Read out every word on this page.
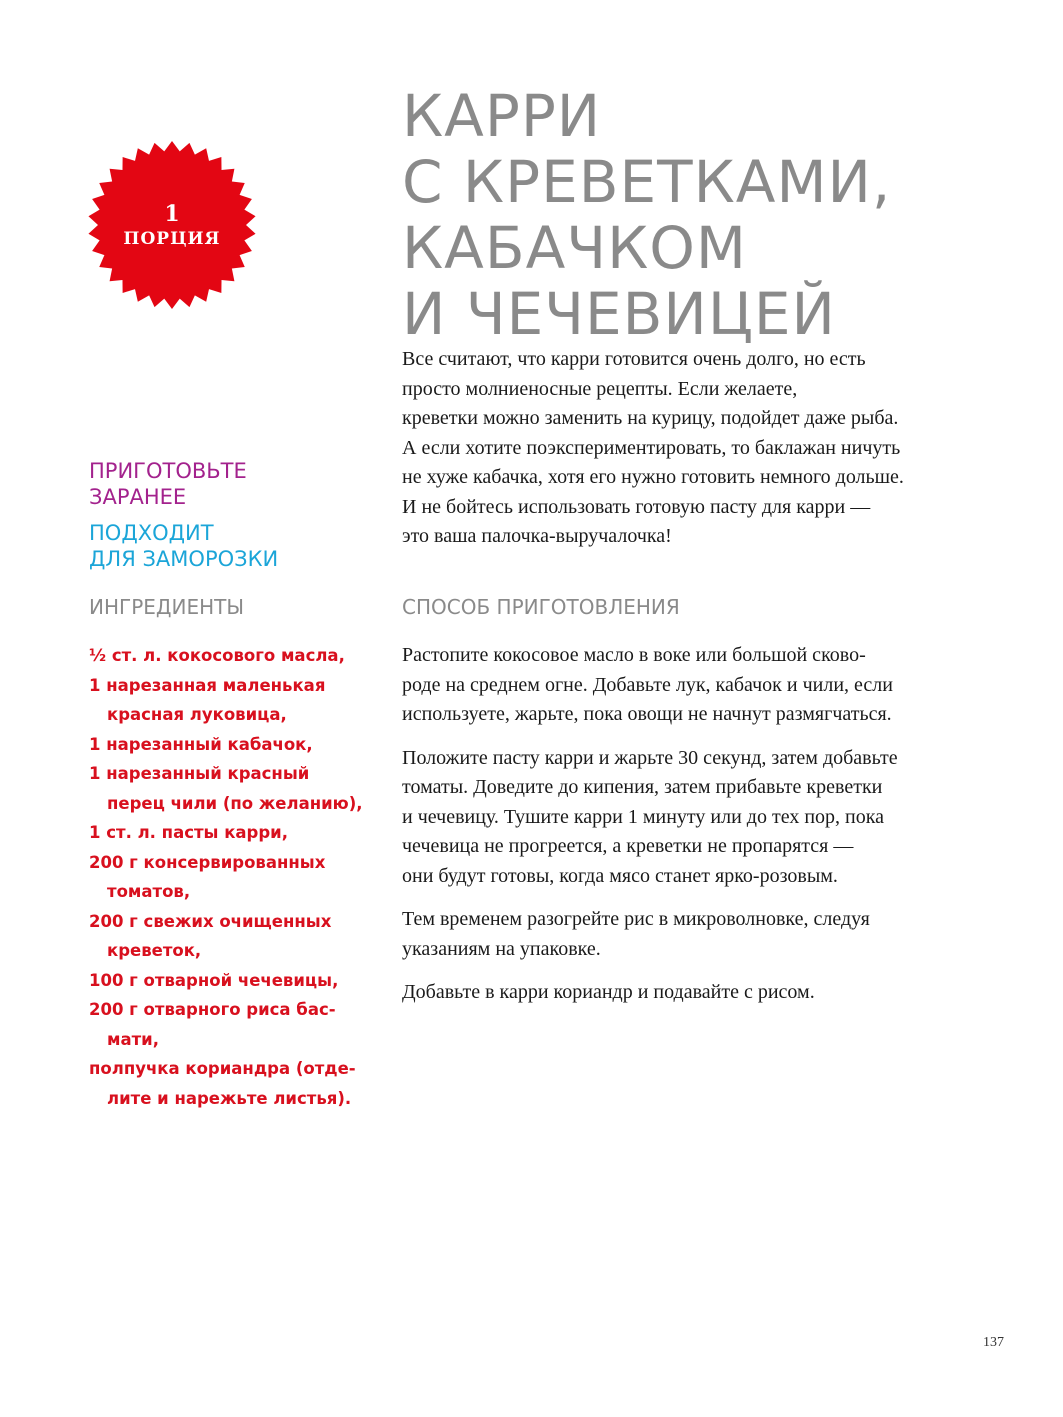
1
ПОРЦИЯ
КАРРИ
С КРЕВЕТКАМИ,
КАБАЧКОМ
И ЧЕЧЕВИЦЕЙ

Все считают, что карри готовится очень долго, но есть
просто молниеносные рецепты. Если желаете,
креветки можно заменить на курицу, подойдет даже рыба.
А если хотите поэкспериментировать, то баклажан ничуть
не хуже кабачка, хотя его нужно готовить немного дольше.
И не бойтесь использовать готовую пасту для карри —
это ваша палочка-выручалочка!

ПРИГОТОВЬТЕ
ЗАРАНЕЕ
ПОДХОДИТ
ДЛЯ ЗАМОРОЗКИ
ИНГРЕДИЕНТЫ	СПОСОБ ПРИГОТОВЛЕНИЯ
½ ст. л. кокосового масла,
1 нарезанная маленькая
красная луковица,
1 нарезанный кабачок,
1 нарезанный красный
перец чили (по желанию),
1 ст. л. пасты карри,
200 г консервированных
томатов,
200 г свежих очищенных
креветок,
100 г отварной чечевицы,
200 г отварного риса бас-
мати,
полпучка кориандра (отде-
лите и нарежьте листья).

Растопите кокосовое масло в воке или большой сково-
роде на среднем огне. Добавьте лук, кабачок и чили, если
используете, жарьте, пока овощи не начнут размягчаться.

Положите пасту карри и жарьте 30 секунд, затем добавьте
томаты. Доведите до кипения, затем прибавьте креветки
и чечевицу. Тушите карри 1 минуту или до тех пор, пока
чечевица не прогреется, а креветки не пропарятся —
они будут готовы, когда мясо станет ярко-розовым.

Тем временем разогрейте рис в микроволновке, следуя
указаниям на упаковке.

Добавьте в карри кориандр и подавайте с рисом.

137
